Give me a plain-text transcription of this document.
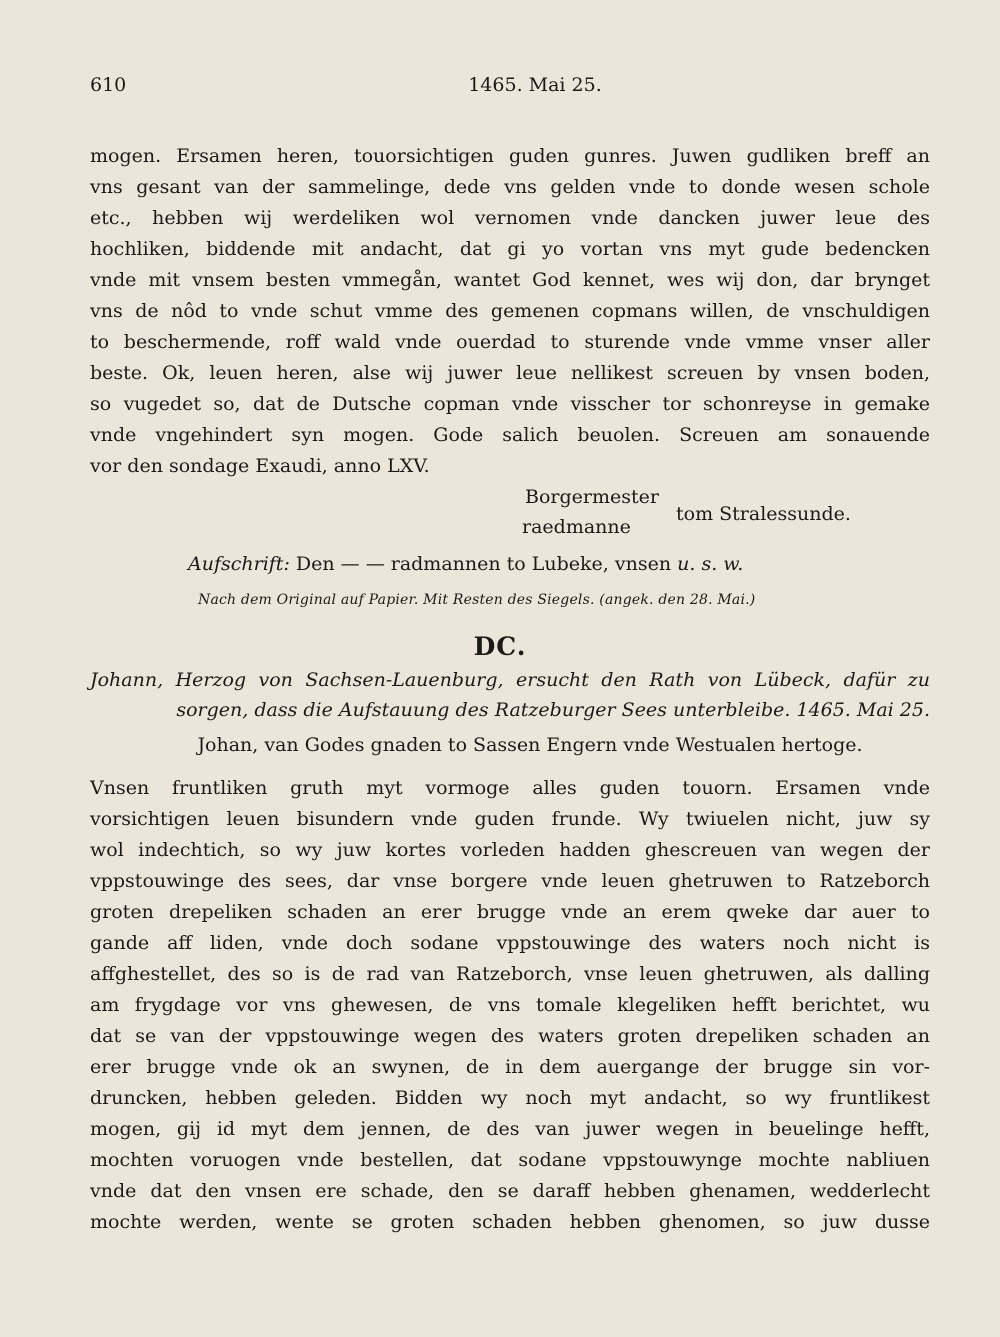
610	1465. Mai 25.
mogen. Ersamen heren, touorsichtigen guden gunres. Juwen gudliken breff an
vns gesant van der sammelinge, dede vns gelden vnde to donde wesen schole
etc., hebben wij werdeliken wol vernomen vnde dancken juwer leue des
hochliken, biddende mit andacht, dat gi yo vortan vns myt gude bedencken
vnde mit vnsem besten vmmegån, wantet God kennet, wes wij don, dar brynget
vns de nôd to vnde schut vmme des gemenen copmans willen, de vnschuldigen
to beschermende, roff wald vnde ouerdad to sturende vnde vmme vnser aller
beste. Ok, leuen heren, alse wij juwer leue nellikest screuen by vnsen boden,
so vugedet so, dat de Dutsche copman vnde visscher tor schonreyse in gemake
vnde vngehindert syn mogen. Gode salich beuolen. Screuen am sonauende
vor den sondage Exaudi, anno LXV.
Borgermester
raedmanne
tom Stralessunde.
Aufschrift: Den — — radmannen to Lubeke, vnsen u. s. w.
Nach dem Original auf Papier. Mit Resten des Siegels. (angek. den 28. Mai.)
DC.
Johann, Herzog von Sachsen-Lauenburg, ersucht den Rath von Lübeck, dafür zu
sorgen, dass die Aufstauung des Ratzeburger Sees unterbleibe. 1465. Mai 25.
Johan, van Godes gnaden to Sassen Engern vnde Westualen hertoge.
Vnsen fruntliken gruth myt vormoge alles guden touorn. Ersamen vnde
vorsichtigen leuen bisundern vnde guden frunde. Wy twiuelen nicht, juw sy
wol indechtich, so wy juw kortes vorleden hadden ghescreuen van wegen der
vppstouwinge des sees, dar vnse borgere vnde leuen ghetruwen to Ratzeborch
groten drepeliken schaden an erer brugge vnde an erem qweke dar auer to
gande aff liden, vnde doch sodane vppstouwinge des waters noch nicht is
affghestellet, des so is de rad van Ratzeborch, vnse leuen ghetruwen, als dalling
am frygdage vor vns ghewesen, de vns tomale klegeliken hefft berichtet, wu
dat se van der vppstouwinge wegen des waters groten drepeliken schaden an
erer brugge vnde ok an swynen, de in dem auergange der brugge sin vor-
druncken, hebben geleden. Bidden wy noch myt andacht, so wy fruntlikest
mogen, gij id myt dem jennen, de des van juwer wegen in beuelinge hefft,
mochten voruogen vnde bestellen, dat sodane vppstouwynge mochte nabliuen
vnde dat den vnsen ere schade, den se daraff hebben ghenamen, wedderlecht
mochte werden, wente se groten schaden hebben ghenomen, so juw dusse
